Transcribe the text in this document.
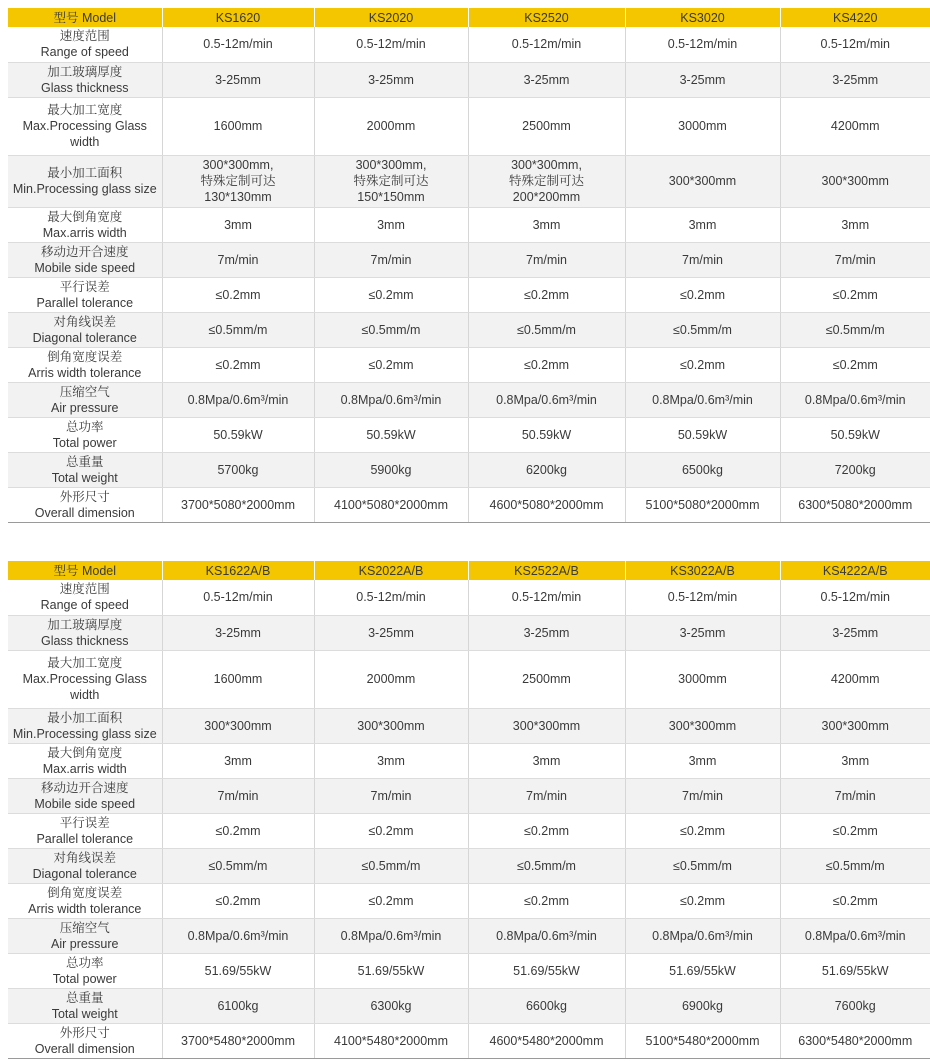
型号 Model	KS1620	KS2020	KS2520	KS3020	KS4220

速度范围
Range of speed	0.5-12m/min	0.5-12m/min	0.5-12m/min	0.5-12m/min	0.5-12m/min

加工玻璃厚度
Glass thickness	3-25mm	3-25mm	3-25mm	3-25mm	3-25mm

最大加工宽度
Max.Processing Glass width	1600mm	2000mm	2500mm	3000mm	4200mm

最小加工面积
Min.Processing glass size	300*300mm,
特殊定制可达
130*130mm	300*300mm,
特殊定制可达
150*150mm	300*300mm,
特殊定制可达
200*200mm	300*300mm	300*300mm

最大倒角宽度
Max.arris width	3mm	3mm	3mm	3mm	3mm

移动边开合速度
Mobile side speed	7m/min	7m/min	7m/min	7m/min	7m/min

平行误差
Parallel tolerance	≤0.2mm	≤0.2mm	≤0.2mm	≤0.2mm	≤0.2mm

对角线误差
Diagonal tolerance	≤0.5mm/m	≤0.5mm/m	≤0.5mm/m	≤0.5mm/m	≤0.5mm/m

倒角宽度误差
Arris width tolerance	≤0.2mm	≤0.2mm	≤0.2mm	≤0.2mm	≤0.2mm

压缩空气
Air pressure	0.8Mpa/0.6m³/min	0.8Mpa/0.6m³/min	0.8Mpa/0.6m³/min	0.8Mpa/0.6m³/min	0.8Mpa/0.6m³/min

总功率
Total power	50.59kW	50.59kW	50.59kW	50.59kW	50.59kW

总重量
Total weight	5700kg	5900kg	6200kg	6500kg	7200kg

外形尺寸
Overall dimension	3700*5080*2000mm	4100*5080*2000mm	4600*5080*2000mm	5100*5080*2000mm	6300*5080*2000mm
型号 Model	KS1622A/B	KS2022A/B	KS2522A/B	KS3022A/B	KS4222A/B

速度范围
Range of speed	0.5-12m/min	0.5-12m/min	0.5-12m/min	0.5-12m/min	0.5-12m/min

加工玻璃厚度
Glass thickness	3-25mm	3-25mm	3-25mm	3-25mm	3-25mm

最大加工宽度
Max.Processing Glass width	1600mm	2000mm	2500mm	3000mm	4200mm

最小加工面积
Min.Processing glass size	300*300mm	300*300mm	300*300mm	300*300mm	300*300mm

最大倒角宽度
Max.arris width	3mm	3mm	3mm	3mm	3mm

移动边开合速度
Mobile side speed	7m/min	7m/min	7m/min	7m/min	7m/min

平行误差
Parallel tolerance	≤0.2mm	≤0.2mm	≤0.2mm	≤0.2mm	≤0.2mm

对角线误差
Diagonal tolerance	≤0.5mm/m	≤0.5mm/m	≤0.5mm/m	≤0.5mm/m	≤0.5mm/m

倒角宽度误差
Arris width tolerance	≤0.2mm	≤0.2mm	≤0.2mm	≤0.2mm	≤0.2mm

压缩空气
Air pressure	0.8Mpa/0.6m³/min	0.8Mpa/0.6m³/min	0.8Mpa/0.6m³/min	0.8Mpa/0.6m³/min	0.8Mpa/0.6m³/min

总功率
Total power	51.69/55kW	51.69/55kW	51.69/55kW	51.69/55kW	51.69/55kW

总重量
Total weight	6100kg	6300kg	6600kg	6900kg	7600kg

外形尺寸
Overall dimension	3700*5480*2000mm	4100*5480*2000mm	4600*5480*2000mm	5100*5480*2000mm	6300*5480*2000mm
